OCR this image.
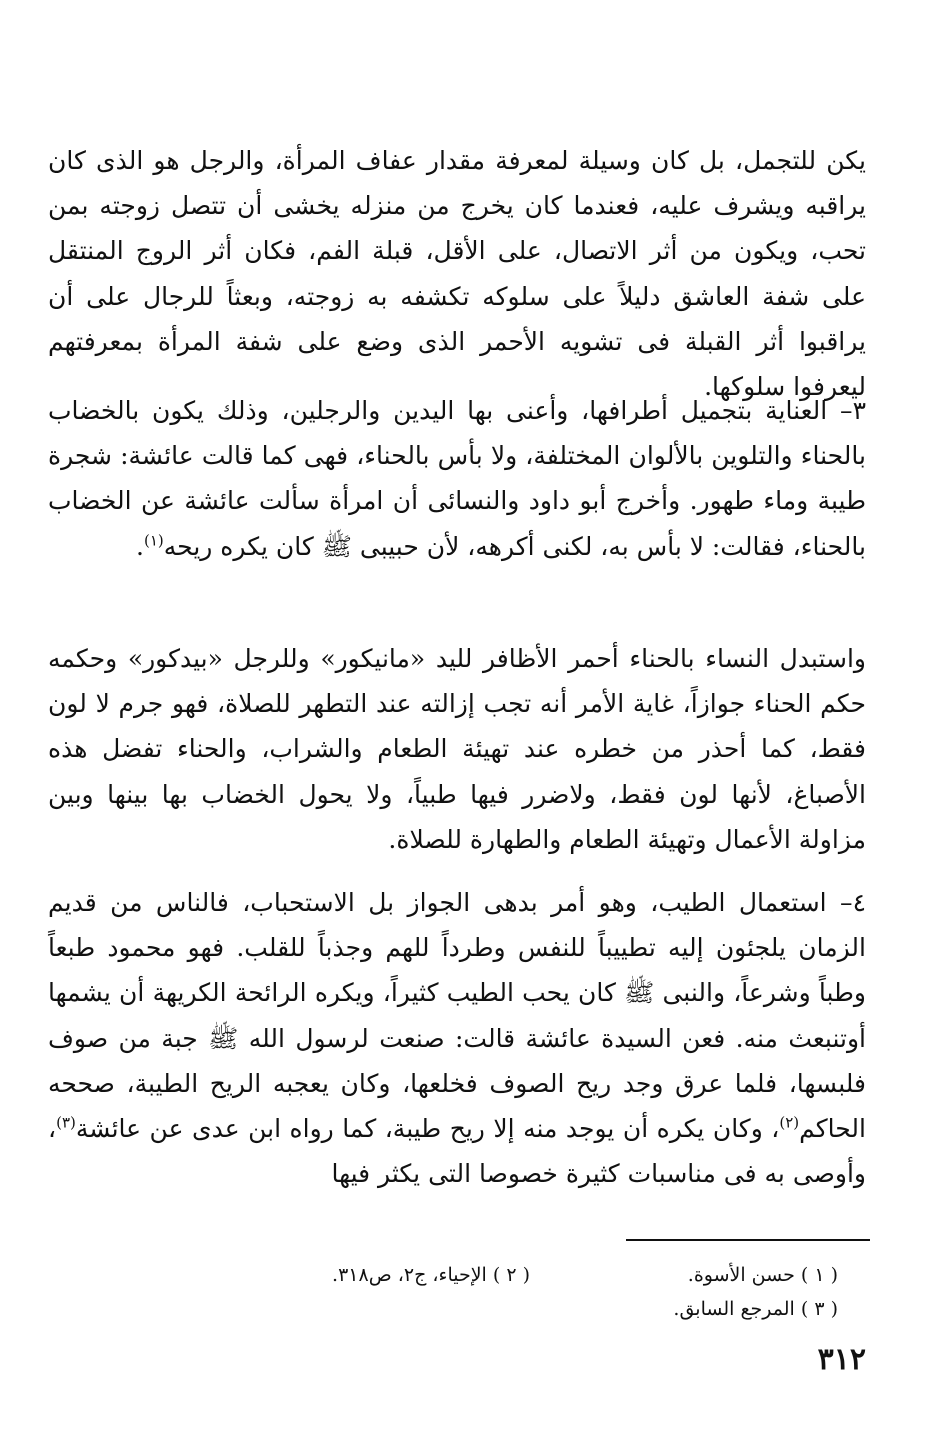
يكن للتجمل، بل كان وسيلة لمعرفة مقدار عفاف المرأة، والرجل هو الذى كان يراقبه ويشرف عليه، فعندما كان يخرج من منزله يخشى أن تتصل زوجته بمن تحب، ويكون من أثر الاتصال، على الأقل، قبلة الفم، فكان أثر الروج المنتقل على شفة العاشق دليلاً على سلوكه تكشفه به زوجته، وبعثاً للرجال على أن يراقبوا أثر القبلة فى تشويه الأحمر الذى وضع على شفة المرأة بمعرفتهم ليعرفوا سلوكها.

٣– العناية بتجميل أطرافها، وأعنى بها اليدين والرجلين، وذلك يكون بالخضاب بالحناء والتلوين بالألوان المختلفة، ولا بأس بالحناء، فهى كما قالت عائشة: شجرة طيبة وماء طهور. وأخرج أبو داود والنسائى أن امرأة سألت عائشة عن الخضاب بالحناء، فقالت: لا بأس به، لكنى أكرهه، لأن حبيبى ﷺ كان يكره ريحه$^{(١)}$.

واستبدل النساء بالحناء أحمر الأظافر لليد «مانيكور» وللرجل «بيدكور» وحكمه حكم الحناء جوازاً، غاية الأمر أنه تجب إزالته عند التطهر للصلاة، فهو جرم لا لون فقط، كما أحذر من خطره عند تهيئة الطعام والشراب، والحناء تفضل هذه الأصباغ، لأنها لون فقط، ولاضرر فيها طبياً، ولا يحول الخضاب بها بينها وبين مزاولة الأعمال وتهيئة الطعام والطهارة للصلاة.

٤– استعمال الطيب، وهو أمر بدهى الجواز بل الاستحباب، فالناس من قديم الزمان يلجئون إليه تطييباً للنفس وطرداً للهم وجذباً للقلب. فهو محمود طبعاً وطباً وشرعاً، والنبى ﷺ كان يحب الطيب كثيراً، ويكره الرائحة الكريهة أن يشمها أوتنبعث منه. فعن السيدة عائشة قالت: صنعت لرسول الله ﷺ جبة من صوف فلبسها، فلما عرق وجد ريح الصوف فخلعها، وكان يعجبه الريح الطيبة، صححه الحاكم$^{(٢)}$، وكان يكره أن يوجد منه إلا ريح طيبة، كما رواه ابن عدى عن عائشة$^{(٣)}$، وأوصى به فى مناسبات كثيرة خصوصا التى يكثر فيها

( ١ ) حسن الأسوة.
( ٢ ) الإحياء، ج٢، ص٣١٨.
( ٣ ) المرجع السابق.
٣١٢
